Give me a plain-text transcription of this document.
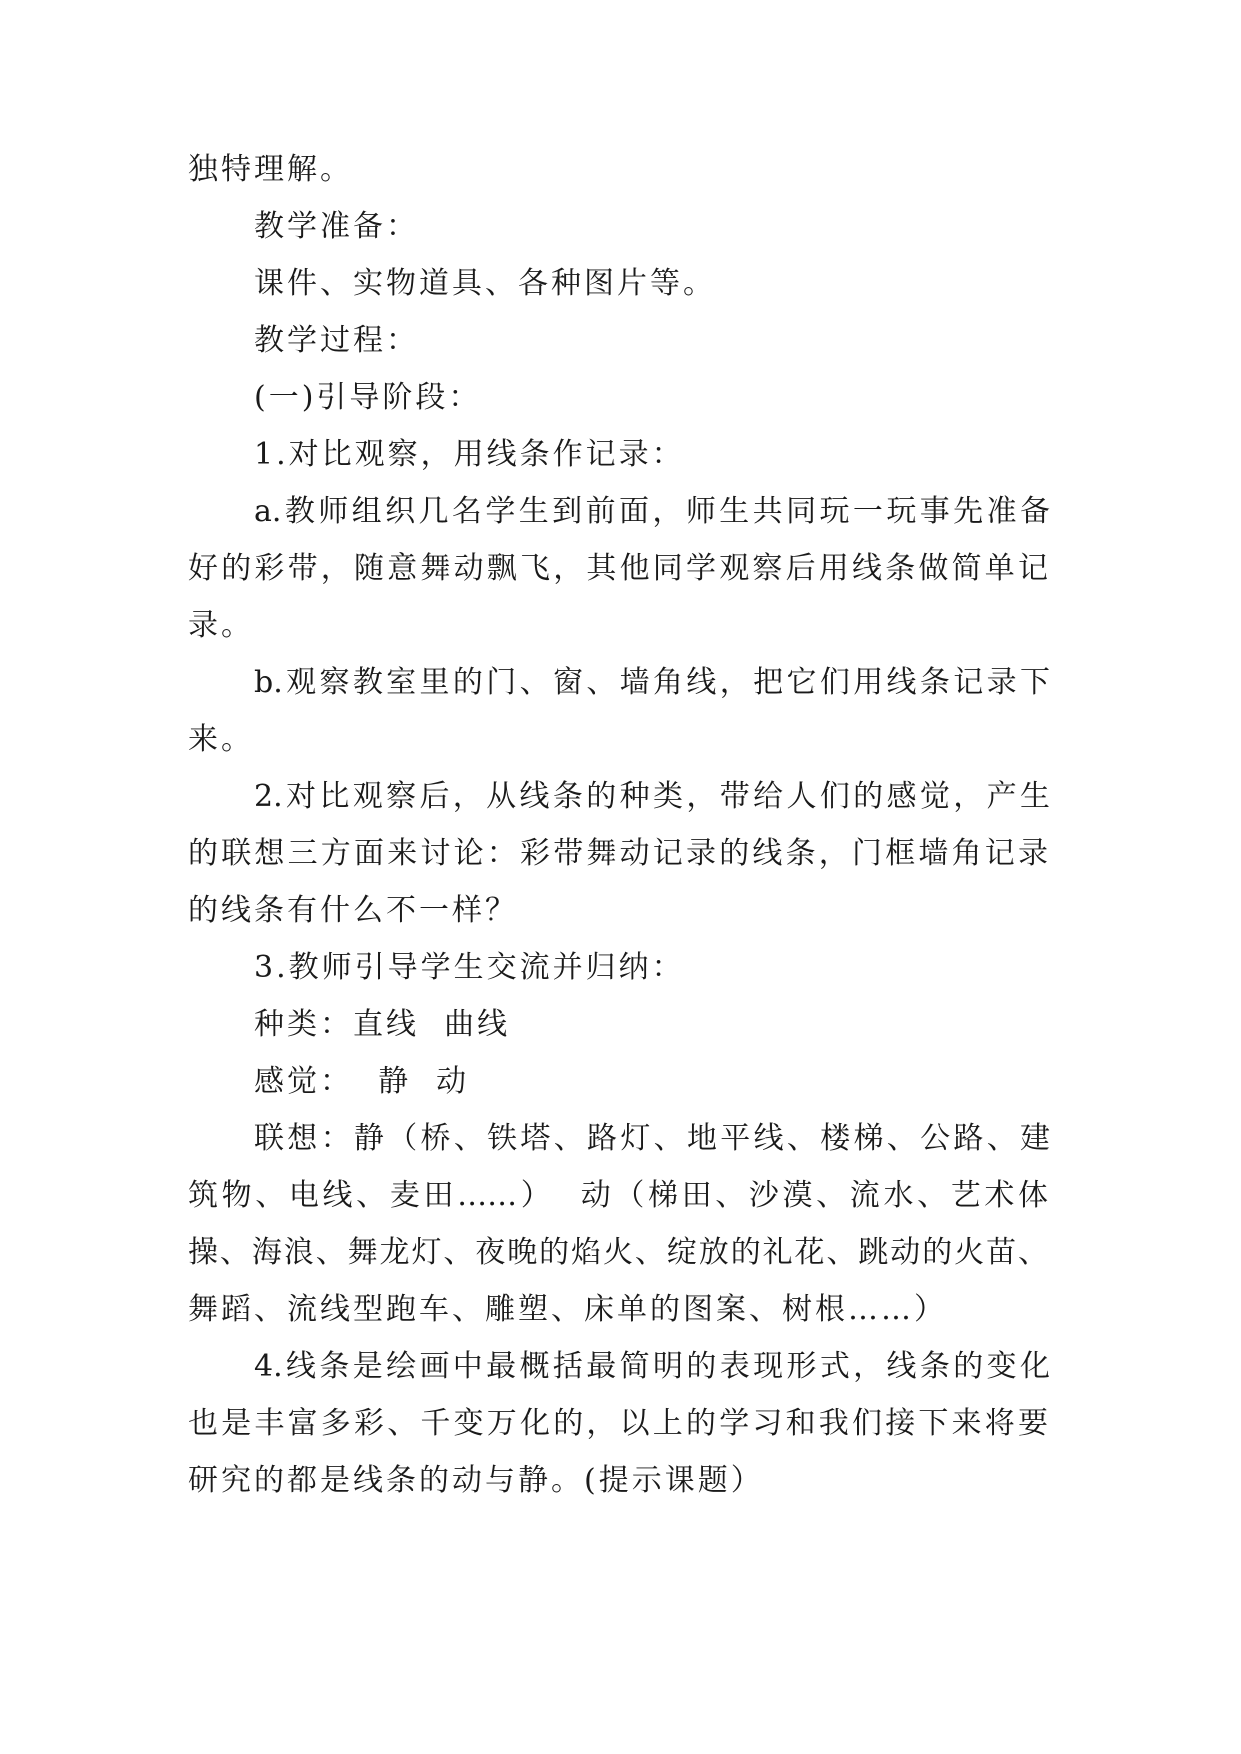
独特理解。
教学准备：
课件、实物道具、各种图片等。
教学过程：
(一)引导阶段：
1.对比观察，用线条作记录：
a.教师组织几名学生到前面，师生共同玩一玩事先准备
好的彩带，随意舞动飘飞，其他同学观察后用线条做简单记
录。
b.观察教室里的门、窗、墙角线，把它们用线条记录下
来。
2.对比观察后，从线条的种类，带给人们的感觉，产生
的联想三方面来讨论：彩带舞动记录的线条，门框墙角记录
的线条有什么不一样？
3.教师引导学生交流并归纳：
种类：直线  曲线
感觉：  静  动
联想：静（桥、铁塔、路灯、地平线、楼梯、公路、建
筑物、电线、麦田……）  动（梯田、沙漠、流水、艺术体
操、海浪、舞龙灯、夜晚的焰火、绽放的礼花、跳动的火苗、
舞蹈、流线型跑车、雕塑、床单的图案、树根……）
4.线条是绘画中最概括最简明的表现形式，线条的变化
也是丰富多彩、千变万化的，以上的学习和我们接下来将要
研究的都是线条的动与静。(提示课题）
